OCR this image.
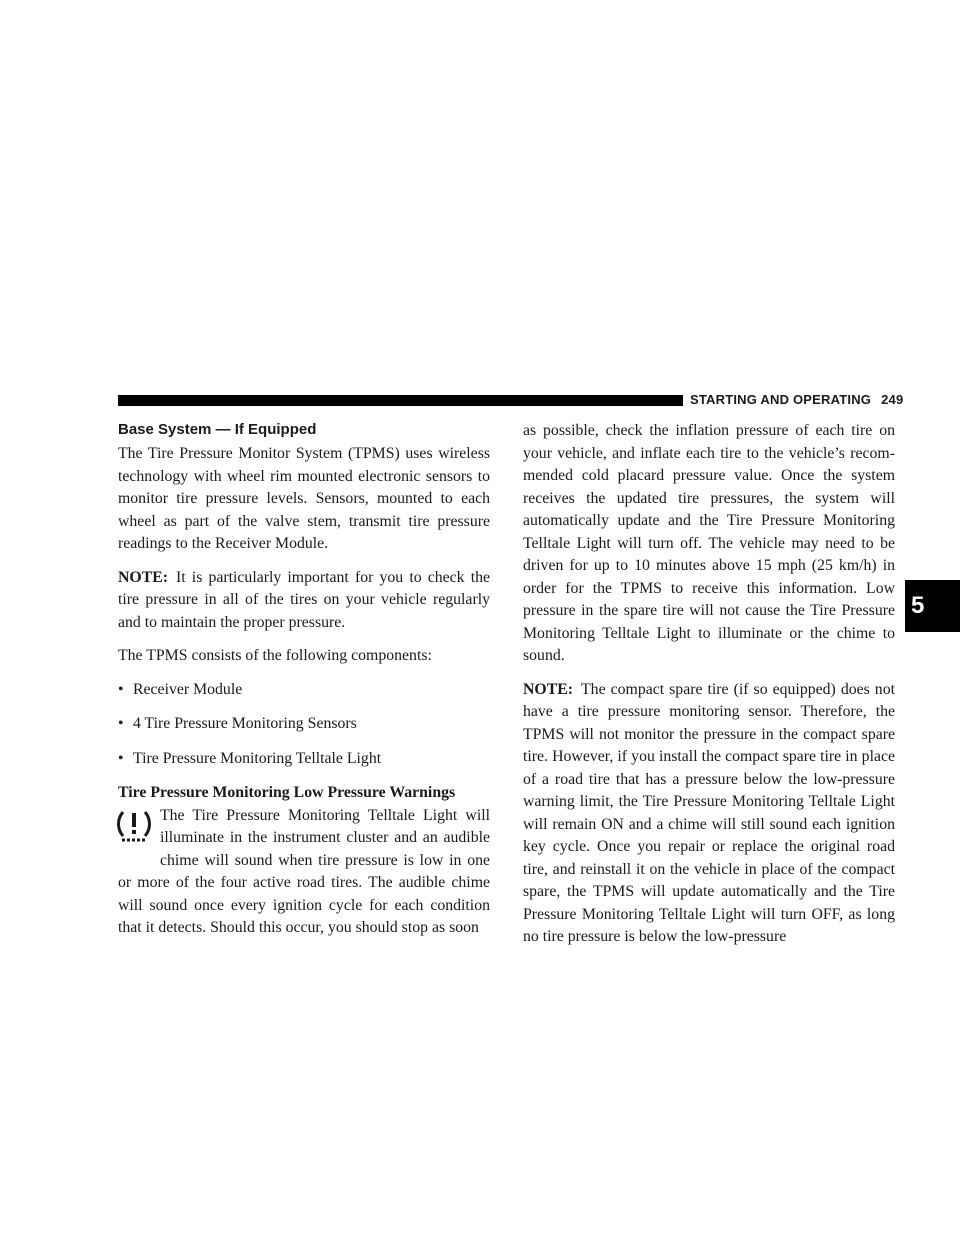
STARTING AND OPERATING 249
5
Base System — If Equipped

The Tire Pressure Monitor System (TPMS) uses wireless technology with wheel rim mounted electronic sensors to monitor tire pressure levels. Sensors, mounted to each wheel as part of the valve stem, transmit tire pressure readings to the Receiver Module.

NOTE: It is particularly important for you to check the tire pressure in all of the tires on your vehicle regularly and to maintain the proper pressure.

The TPMS consists of the following components:

• Receiver Module
• 4 Tire Pressure Monitoring Sensors
• Tire Pressure Monitoring Telltale Light
Tire Pressure Monitoring Low Pressure Warnings
The Tire Pressure Monitoring Telltale Light will
illuminate in the instrument cluster and an audible
chime will sound when tire pressure is low in one

or more of the four active road tires. The audible chime will sound once every ignition cycle for each condition that it detects. Should this occur, you should stop as soon

as possible, check the inflation pressure of each tire on your vehicle, and inflate each tire to the vehicle’s recommended cold placard pressure value. Once the system receives the updated tire pressures, the system will automatically update and the Tire Pressure Monitoring Telltale Light will turn off. The vehicle may need to be driven for up to 10 minutes above 15 mph (25 km/h) in order for the TPMS to receive this information. Low pressure in the spare tire will not cause the Tire Pressure Monitoring Telltale Light to illuminate or the chime to sound.

NOTE: The compact spare tire (if so equipped) does not have a tire pressure monitoring sensor. Therefore, the TPMS will not monitor the pressure in the compact spare tire. However, if you install the compact spare tire in place of a road tire that has a pressure below the low-pressure warning limit, the Tire Pressure Monitoring Telltale Light will remain ON and a chime will still sound each ignition key cycle. Once you repair or replace the original road tire, and reinstall it on the vehicle in place of the compact spare, the TPMS will update automatically and the Tire Pressure Monitoring Telltale Light will turn OFF, as long no tire pressure is below the low-pressure
